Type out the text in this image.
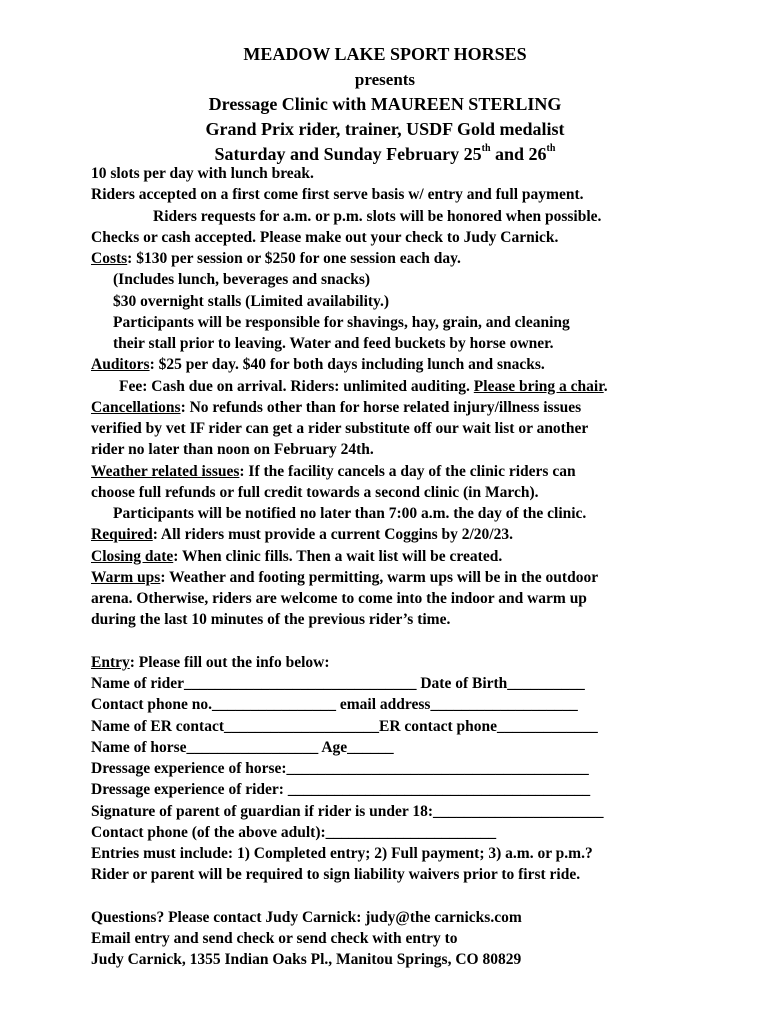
MEADOW LAKE SPORT HORSES
presents
Dressage Clinic with MAUREEN STERLING
Grand Prix rider, trainer, USDF Gold medalist
Saturday and Sunday February 25th and 26th
10 slots per day with lunch break.
Riders accepted on a first come first serve basis w/ entry and full payment.
Riders requests for a.m. or p.m. slots will be honored when possible.
Checks or cash accepted. Please make out your check to Judy Carnick.
Costs: $130 per session or $250 for one session each day.
(Includes lunch, beverages and snacks)
$30 overnight stalls (Limited availability.)
Participants will be responsible for shavings, hay, grain, and cleaning
their stall prior to leaving. Water and feed buckets by horse owner.
Auditors: $25 per day. $40 for both days including lunch and snacks.
Fee: Cash due on arrival. Riders: unlimited auditing. Please bring a chair.
Cancellations: No refunds other than for horse related injury/illness issues
verified by vet IF rider can get a rider substitute off our wait list or another
rider no later than noon on February 24th.
Weather related issues: If the facility cancels a day of the clinic riders can
choose full refunds or full credit towards a second clinic (in March).
Participants will be notified no later than 7:00 a.m. the day of the clinic.
Required: All riders must provide a current Coggins by 2/20/23.
Closing date: When clinic fills. Then a wait list will be created.
Warm ups: Weather and footing permitting, warm ups will be in the outdoor
arena. Otherwise, riders are welcome to come into the indoor and warm up
during the last 10 minutes of the previous rider’s time.
Entry: Please fill out the info below:
Name of rider______________________________ Date of Birth__________
Contact phone no.________________ email address___________________
Name of ER contact____________________ER contact phone_____________
Name of horse_________________ Age______
Dressage experience of horse:_______________________________________
Dressage experience of rider: _______________________________________
Signature of parent of guardian if rider is under 18:______________________
Contact phone (of the above adult):______________________
Entries must include: 1) Completed entry; 2) Full payment; 3) a.m. or p.m.?
Rider or parent will be required to sign liability waivers prior to first ride.
Questions? Please contact Judy Carnick: judy@the carnicks.com
Email entry and send check or send check with entry to
Judy Carnick, 1355 Indian Oaks Pl., Manitou Springs, CO 80829
